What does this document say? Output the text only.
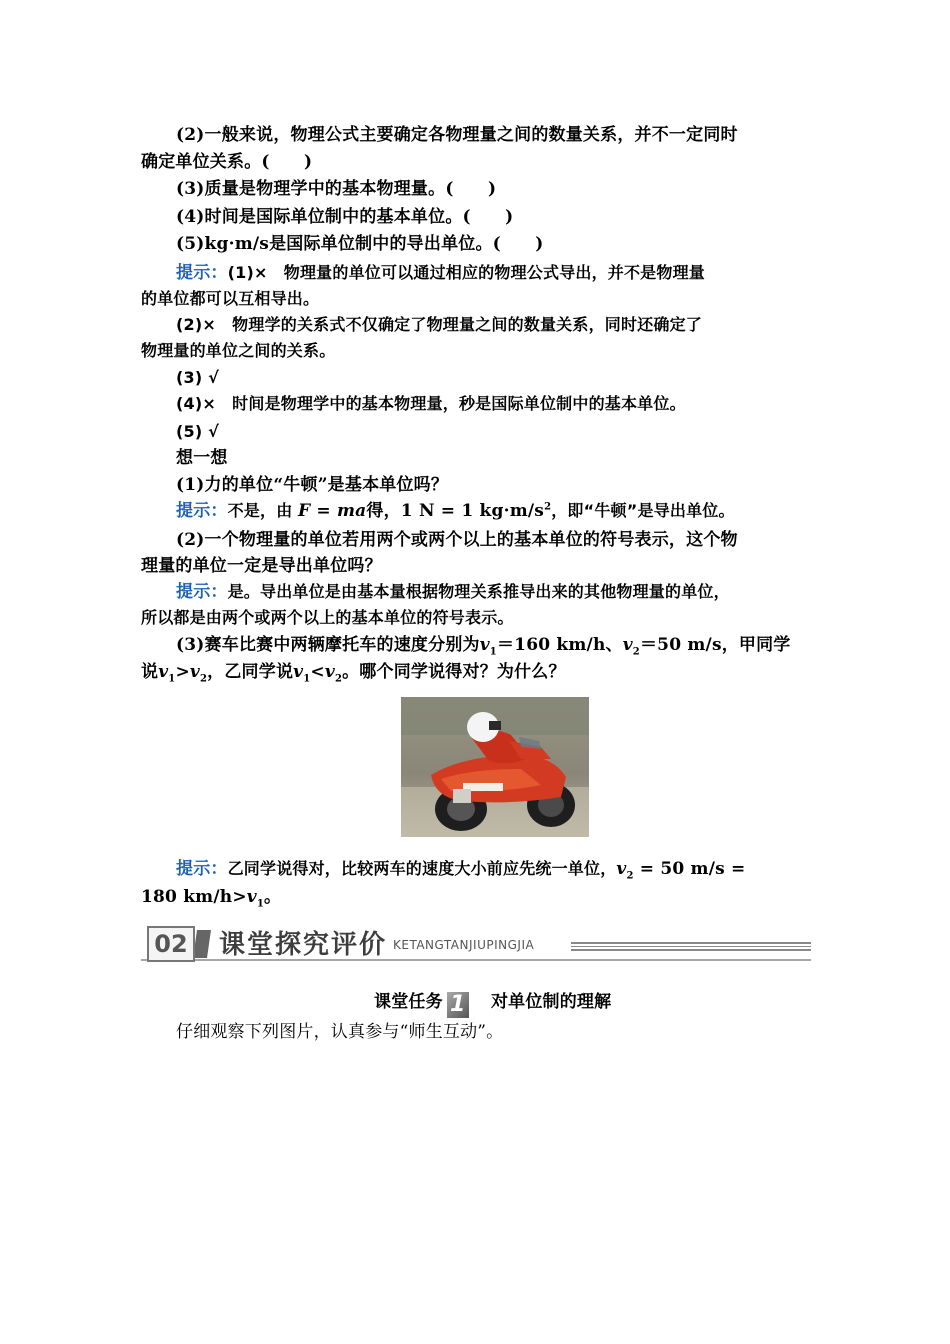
(2)一般来说，物理公式主要确定各物理量之间的数量关系，并不一定同时
确定单位关系。(　　)
(3)质量是物理学中的基本物理量。(　　)
(4)时间是国际单位制中的基本单位。(　　)
(5)kg·m/s是国际单位制中的导出单位。(　　)
提示：(1)×　物理量的单位可以通过相应的物理公式导出，并不是物理量
的单位都可以互相导出。
(2)×　物理学的关系式不仅确定了物理量之间的数量关系，同时还确定了
物理量的单位之间的关系。
(3) √
(4)×　时间是物理学中的基本物理量，秒是国际单位制中的基本单位。
(5) √
想一想
(1)力的单位“牛顿”是基本单位吗？
提示：不是，由 F = ma得，1 N = 1 $kg\cdot m/s^2$，即“牛顿”是导出单位。
(2)一个物理量的单位若用两个或两个以上的基本单位的符号表示，这个物
理量的单位一定是导出单位吗？
提示：是。导出单位是由基本量根据物理关系推导出来的其他物理量的单位，
所以都是由两个或两个以上的基本单位的符号表示。
(3)赛车比赛中两辆摩托车的速度分别为$v_1=160$ km/h、$v_2=50$ m/s，甲同学
说$v_1>v_2$，乙同学说$v_1<v_2$。哪个同学说得对？为什么？
提示：乙同学说得对，比较两车的速度大小前应先统一单位，$v_2 = 50$ m/s =
180 $km/h>v_1$。
02 课堂探究评价 KETANGTANJIUPINGJIA
课堂任务 1 对单位制的理解
仔细观察下列图片，认真参与“师生互动”。
